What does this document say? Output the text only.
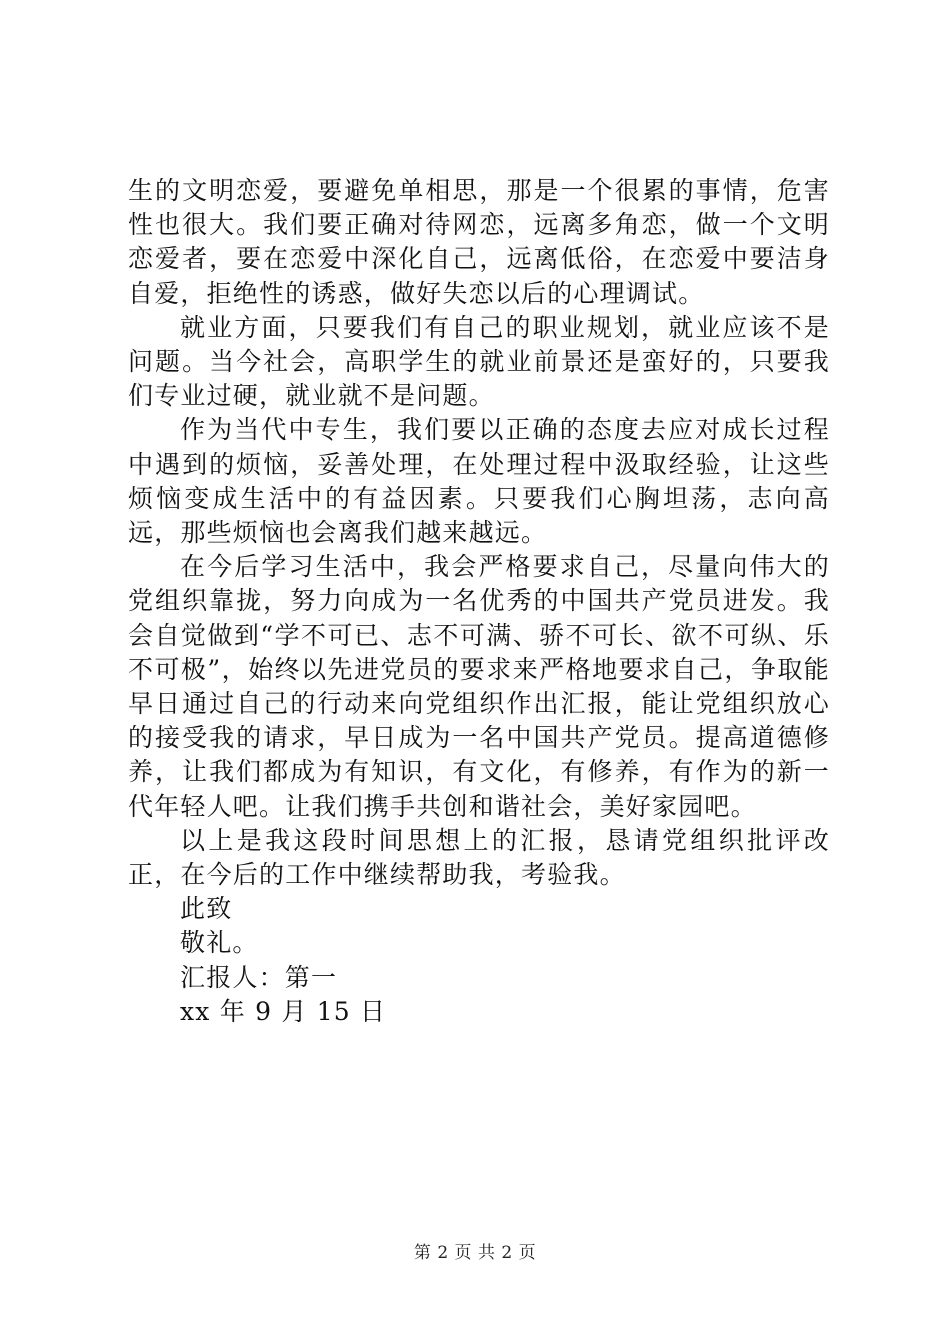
生的文明恋爱，要避免单相思，那是一个很累的事情，危害性也很大。我们要正确对待网恋，远离多角恋，做一个文明恋爱者，要在恋爱中深化自己，远离低俗，在恋爱中要洁身自爱，拒绝性的诱惑，做好失恋以后的心理调试。

就业方面，只要我们有自己的职业规划，就业应该不是问题。当今社会，高职学生的就业前景还是蛮好的，只要我们专业过硬，就业就不是问题。

作为当代中专生，我们要以正确的态度去应对成长过程中遇到的烦恼，妥善处理，在处理过程中汲取经验，让这些烦恼变成生活中的有益因素。只要我们心胸坦荡，志向高远，那些烦恼也会离我们越来越远。

在今后学习生活中，我会严格要求自己，尽量向伟大的党组织靠拢，努力向成为一名优秀的中国共产党员进发。我会自觉做到“学不可已、志不可满、骄不可长、欲不可纵、乐不可极”，始终以先进党员的要求来严格地要求自己，争取能早日通过自己的行动来向党组织作出汇报，能让党组织放心的接受我的请求，早日成为一名中国共产党员。提高道德修养，让我们都成为有知识，有文化，有修养，有作为的新一代年轻人吧。让我们携手共创和谐社会，美好家园吧。

以上是我这段时间思想上的汇报，恳请党组织批评改正，在今后的工作中继续帮助我，考验我。

此致

敬礼。

汇报人：第一

xx 年 9 月 15 日

第 2 页 共 2 页
